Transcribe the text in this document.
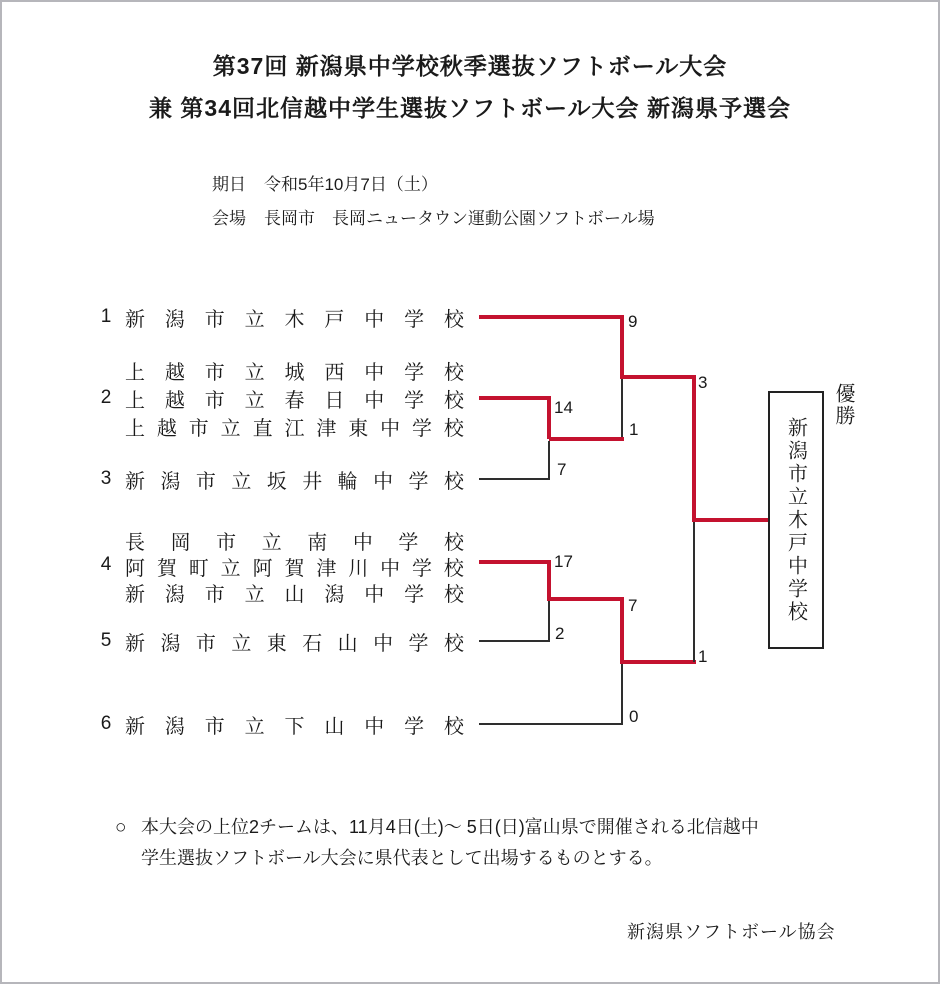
第37回 新潟県中学校秋季選抜ソフトボール大会
兼 第34回北信越中学生選抜ソフトボール大会 新潟県予選会
期日 令和5年10月7日（土）
会場 長岡市　長岡ニュータウン運動公園ソフトボール場
1
2
3
4
5
6
新 潟 市 立 木 戸 中 学 校
上 越 市 立 城 西 中 学 校
上 越 市 立 春 日 中 学 校
上 越 市 立 直 江 津 東 中 学 校
新 潟 市 立 坂 井 輪 中 学 校
長 岡 市 立 南 中 学 校
阿 賀 町 立 阿 賀 津 川 中 学 校
新 潟 市 立 山 潟 中 学 校
新 潟 市 立 東 石 山 中 学 校
新 潟 市 立 下 山 中 学 校
9
1
14
7
17
2
7
0
3
1
新潟市立木戸中学校
優勝
○ 本大会の上位2チームは、11月4日(土)～ 5日(日)富山県で開催される北信越中
学生選抜ソフトボール大会に県代表として出場するものとする。
新潟県ソフトボール協会
